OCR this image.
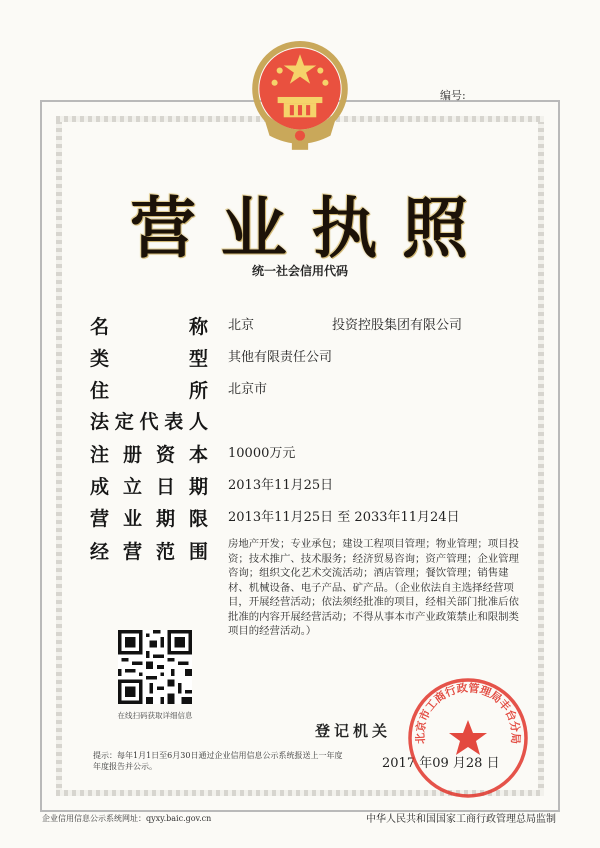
编号:
营 业 执 照
统一社会信用代码
名	称 北京　　　　　　投资控股集团有限公司
类	型 其他有限责任公司
住	所 北京市
法 定 代 表 人
注 册 资 本 10000万元
成 立 日 期 2013年11月25日
营 业 期 限 2013年11月25日 至 2033年11月24日
经 营 范 围 房地产开发；专业承包；建设工程项目管理；物业管理；项目投资；技术推广、技术服务；经济贸易咨询；资产管理；企业管理咨询；组织文化艺术交流活动；酒店管理；餐饮管理；销售建材、机械设备、电子产品、矿产品。（企业依法自主选择经营项目，开展经营活动；依法须经批准的项目，经相关部门批准后依批准的内容开展经营活动；不得从事本市产业政策禁止和限制类项目的经营活动。）
在线扫码获取详细信息
提示：每年1月1日至6月30日通过企业信用信息公示系统报送上一年度年度报告并公示。
登记机关
2017 年09 月28 日
北京市工商行政管理局丰台分局
企业信用信息公示系统网址：qyxy.baic.gov.cn	中华人民共和国国家工商行政管理总局监制
